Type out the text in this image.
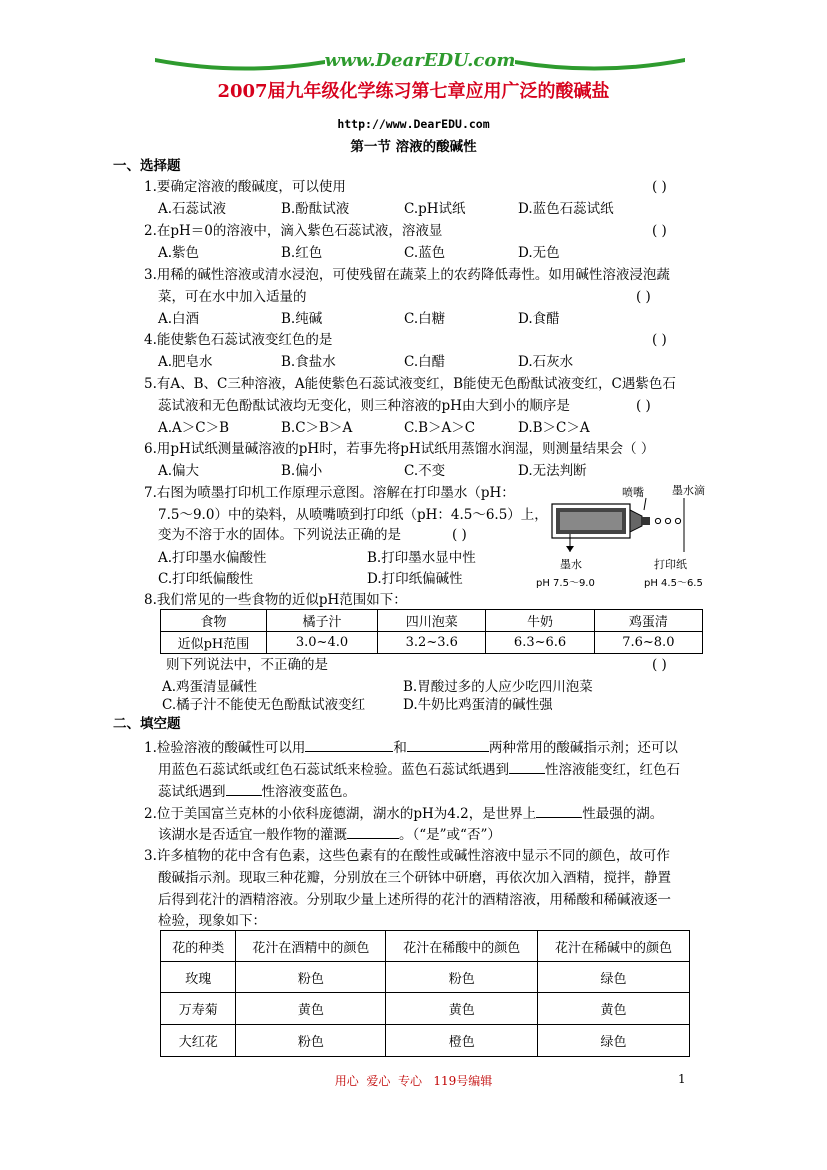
www.DearEDU.com
2007届九年级化学练习第七章应用广泛的酸碱盐
http://www.DearEDU.com
第一节 溶液的酸碱性
一、选择题
1.要确定溶液的酸碱度，可以使用	( )
A.石蕊试液	B.酚酞试液	C.pH试纸	D.蓝色石蕊试纸
2.在pH＝0的溶液中，滴入紫色石蕊试液，溶液显	( )
A.紫色	B.红色	C.蓝色	D.无色
3.用稀的碱性溶液或清水浸泡，可使残留在蔬菜上的农药降低毒性。如用碱性溶液浸泡蔬
菜，可在水中加入适量的	( )
A.白酒	B.纯碱	C.白糖	D.食醋
4.能使紫色石蕊试液变红色的是	( )
A.肥皂水	B.食盐水	C.白醋	D.石灰水
5.有A、B、C三种溶液，A能使紫色石蕊试液变红，B能使无色酚酞试液变红，C遇紫色石
蕊试液和无色酚酞试液均无变化，则三种溶液的pH由大到小的顺序是	( )
A.A＞C＞B	B.C＞B＞A	C.B＞A＞C	D.B＞C＞A
6.用pH试纸测量碱溶液的pH时，若事先将pH试纸用蒸馏水润湿，则测量结果会（ ）
A.偏大	B.偏小	C.不变	D.无法判断
7.右图为喷墨打印机工作原理示意图。溶解在打印墨水（pH：
7.5～9.0）中的染料，从喷嘴喷到打印纸（pH：4.5～6.5）上，
变为不溶于水的固体。下列说法正确的是	( )
A.打印墨水偏酸性	B.打印墨水显中性
C.打印纸偏酸性	D.打印纸偏碱性
喷嘴	墨水滴
墨水
pH 7.5～9.0
打印纸
pH 4.5～6.5
8.我们常见的一些食物的近似pH范围如下：
食物	橘子汁	四川泡菜	牛奶	鸡蛋清
近似pH范围	3.0~4.0	3.2~3.6	6.3~6.6	7.6~8.0
则下列说法中，不正确的是	( )
A.鸡蛋清显碱性	B.胃酸过多的人应少吃四川泡菜
C.橘子汁不能使无色酚酞试液变红	D.牛奶比鸡蛋清的碱性强
二、填空题
1.检验溶液的酸碱性可以用	和	两种常用的酸碱指示剂；还可以
用蓝色石蕊试纸或红色石蕊试纸来检验。蓝色石蕊试纸遇到	性溶液能变红，红色石
蕊试纸遇到	性溶液变蓝色。
2.位于美国富兰克林的小依科庞德湖，湖水的pH为4.2，是世界上	性最强的湖。
该湖水是否适宜一般作物的灌溉	。（“是”或“否”）
3.许多植物的花中含有色素，这些色素有的在酸性或碱性溶液中显示不同的颜色，故可作
酸碱指示剂。现取三种花瓣，分别放在三个研钵中研磨，再依次加入酒精，搅拌，静置
后得到花汁的酒精溶液。分别取少量上述所得的花汁的酒精溶液，用稀酸和稀碱液逐一
检验，现象如下：
花的种类	花汁在酒精中的颜色	花汁在稀酸中的颜色	花汁在稀碱中的颜色
玫瑰	粉色	粉色	绿色
万寿菊	黄色	黄色	黄色
大红花	粉色	橙色	绿色
用心  爱心  专心   119号编辑	1
